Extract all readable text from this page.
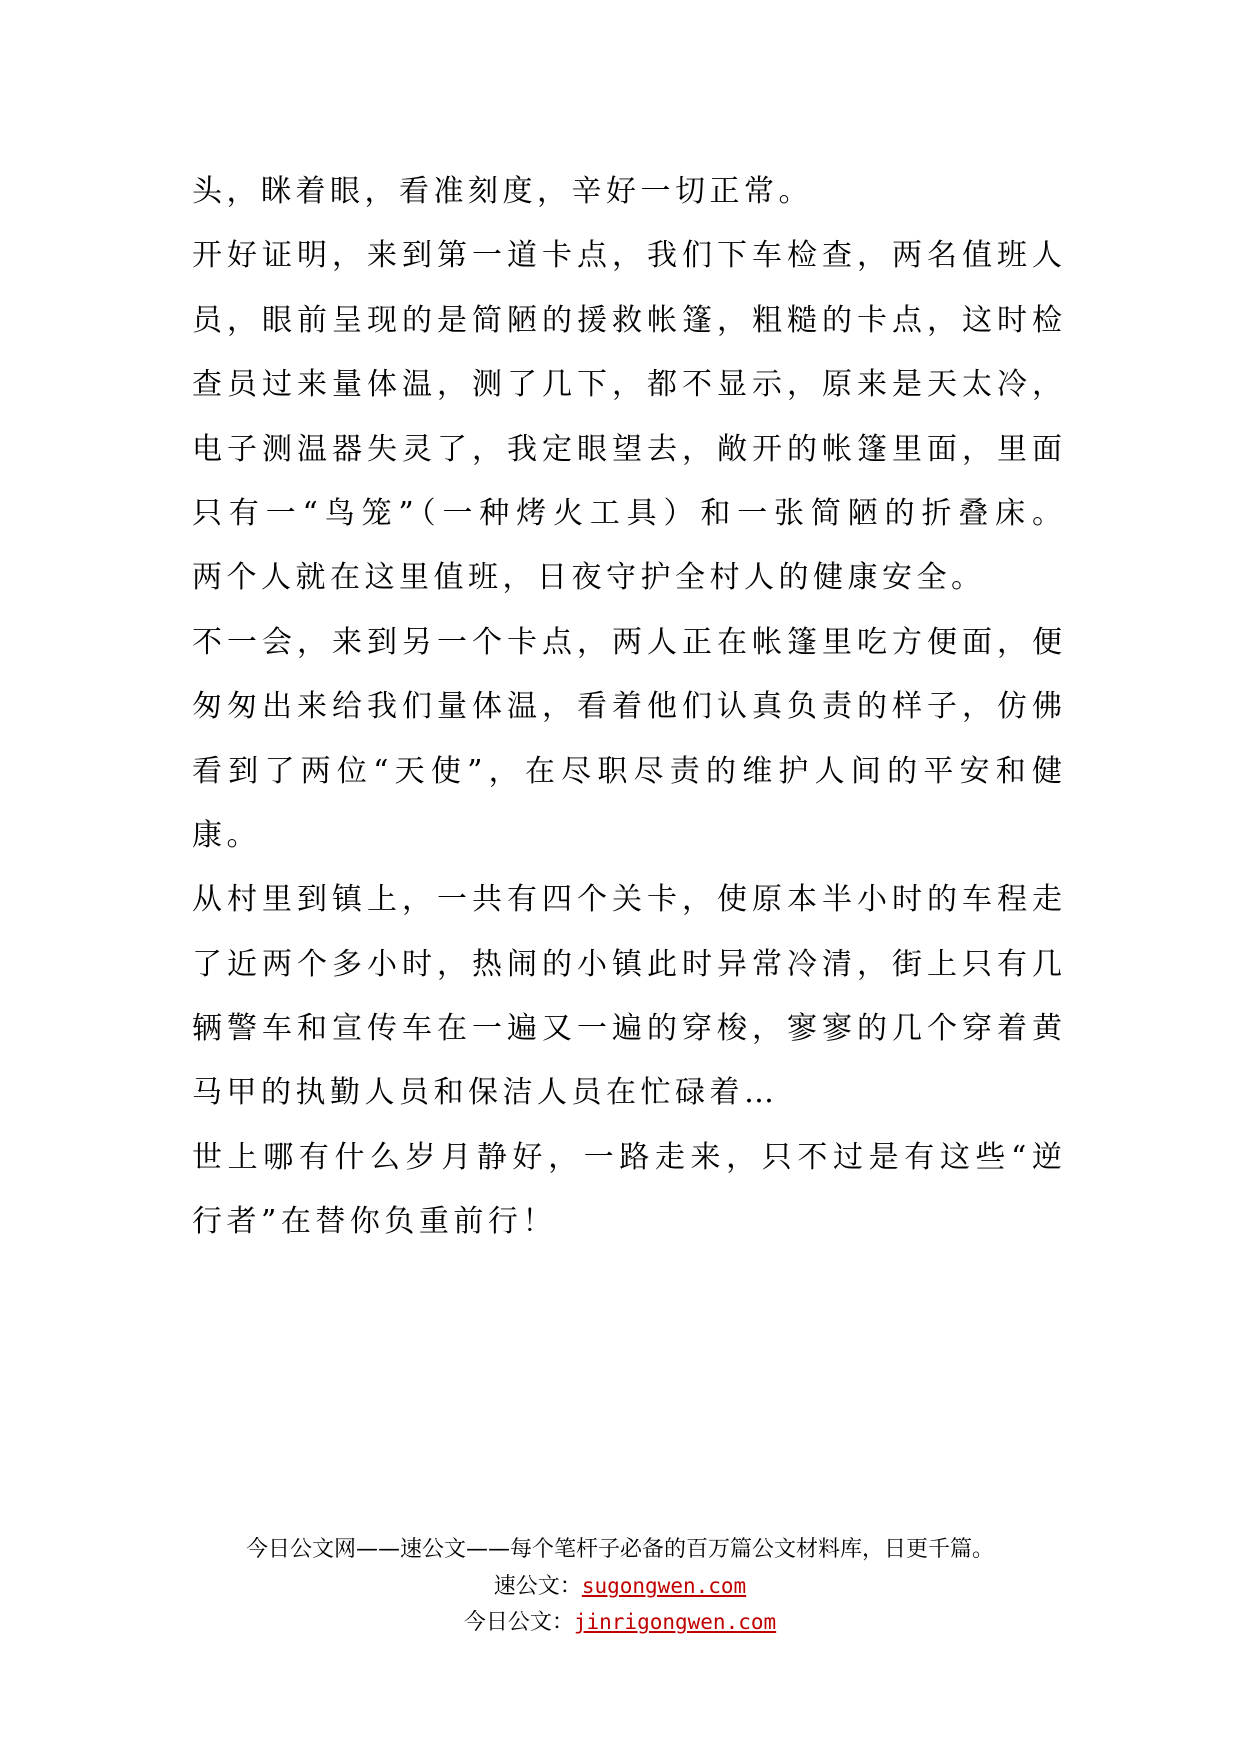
头，眯着眼，看准刻度，辛好一切正常。
开好证明，来到第一道卡点，我们下车检查，两名值班人
员，眼前呈现的是简陋的援救帐篷，粗糙的卡点，这时检
查员过来量体温，测了几下，都不显示，原来是天太冷，
电子测温器失灵了，我定眼望去，敞开的帐篷里面，里面
只有一“鸟笼”（一种烤火工具）和一张简陋的折叠床。
两个人就在这里值班，日夜守护全村人的健康安全。
不一会，来到另一个卡点，两人正在帐篷里吃方便面，便
匆匆出来给我们量体温，看着他们认真负责的样子，仿佛
看到了两位“天使”，在尽职尽责的维护人间的平安和健
康。
从村里到镇上，一共有四个关卡，使原本半小时的车程走
了近两个多小时，热闹的小镇此时异常冷清，街上只有几
辆警车和宣传车在一遍又一遍的穿梭，寥寥的几个穿着黄
马甲的执勤人员和保洁人员在忙碌着…
世上哪有什么岁月静好，一路走来，只不过是有这些“逆
行者”在替你负重前行！
今日公文网——速公文——每个笔杆子必备的百万篇公文材料库，日更千篇。
速公文：sugongwen.com
今日公文：jinrigongwen.com
